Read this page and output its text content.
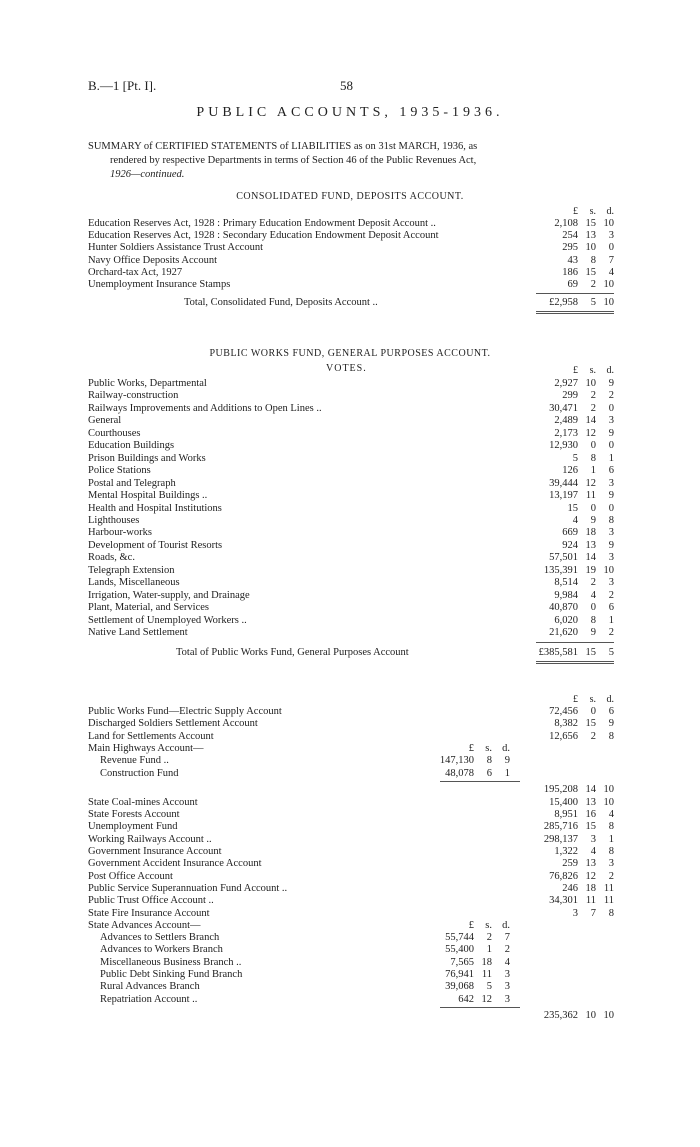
B.—1 [Pt. I].	58
PUBLIC ACCOUNTS, 1935-1936.
SUMMARY of CERTIFIED STATEMENTS of LIABILITIES as on 31st MARCH, 1936, as

rendered by respective Departments in terms of Section 46 of the Public Revenues Act,
1926—continued.
CONSOLIDATED FUND, DEPOSITS ACCOUNT.
£ s. d.
Education Reserves Act, 1928 : Primary Education Endowment Deposit Account ..	2,108 15 10
Education Reserves Act, 1928 : Secondary Education Endowment Deposit Account	254 13 3
Hunter Soldiers Assistance Trust Account	295 10 0
Navy Office Deposits Account	43 8 7
Orchard-tax Act, 1927	186 15 4
Unemployment Insurance Stamps	69 2 10
Total, Consolidated Fund, Deposits Account ..	£2,958 5 10
PUBLIC WORKS FUND, GENERAL PURPOSES ACCOUNT.
VOTES.	£ s. d.
Public Works, Departmental	2,927 10 9
Railway-construction	299 2 2
Railways Improvements and Additions to Open Lines ..	30,471 2 0
General	2,489 14 3
Courthouses	2,173 12 9
Education Buildings	12,930 0 0
Prison Buildings and Works	5 8 1
Police Stations	126 1 6
Postal and Telegraph	39,444 12 3
Mental Hospital Buildings ..	13,197 11 9
Health and Hospital Institutions	15 0 0
Lighthouses	4 9 8
Harbour-works	669 18 3
Development of Tourist Resorts	924 13 9
Roads, &c.	57,501 14 3
Telegraph Extension	135,391 19 10
Lands, Miscellaneous	8,514 2 3
Irrigation, Water-supply, and Drainage	9,984 4 2
Plant, Material, and Services	40,870 0 6
Settlement of Unemployed Workers ..	6,020 8 1
Native Land Settlement	21,620 9 2
Total of Public Works Fund, General Purposes Account	£385,581 15 5
£ s. d.
Public Works Fund—Electric Supply Account	72,456 0 6
Discharged Soldiers Settlement Account	8,382 15 9
Land for Settlements Account	12,656 2 8
Main Highways Account—	£ s. d.
Revenue Fund ..	147,130 8 9
Construction Fund	48,078 6 1
195,208 14 10
State Coal-mines Account	15,400 13 10
State Forests Account	8,951 16 4
Unemployment Fund	285,716 15 8
Working Railways Account ..	298,137 3 1
Government Insurance Account	1,322 4 8
Government Accident Insurance Account	259 13 3
Post Office Account	76,826 12 2
Public Service Superannuation Fund Account ..	246 18 11
Public Trust Office Account ..	34,301 11 11
State Fire Insurance Account	3 7 8
State Advances Account—	£ s. d.
Advances to Settlers Branch	55,744 2 7
Advances to Workers Branch	55,400 1 2
Miscellaneous Business Branch ..	7,565 18 4
Public Debt Sinking Fund Branch	76,941 11 3
Rural Advances Branch	39,068 5 3
Repatriation Account ..	642 12 3
235,362 10 10
